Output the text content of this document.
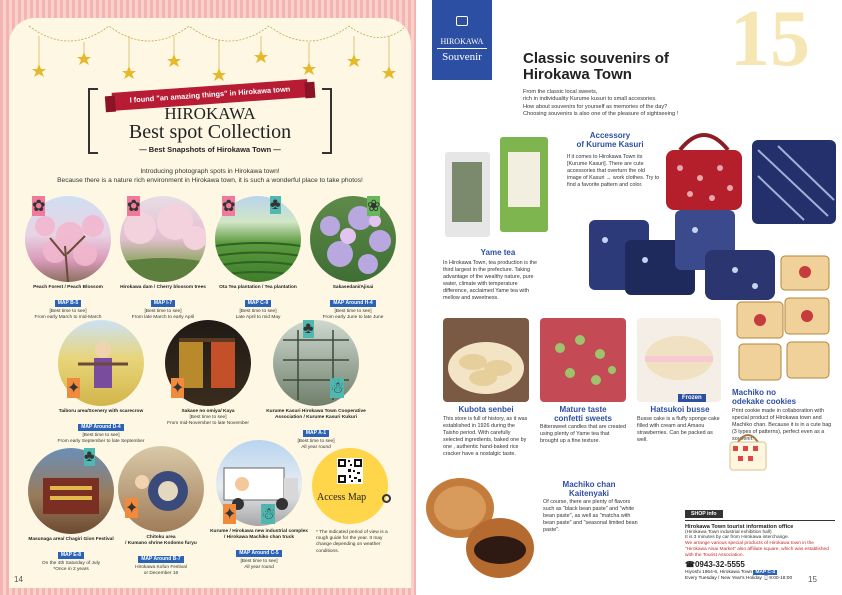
I found "an amazing things" in Hirokawa town
HIROKAWA
Best spot Collection
— Best Snapshots of Hirokawa Town —
Introducing photograph spots in Hirokawa town!
Because there is a nature rich environment in Hirokawa town, it is such a wonderful place to take photos!
Peach Forest / Peach Blossom
MAP B-5
[Best time to see]
From early March to mid-March
✿
Hirokawa dam / Cherry blossom trees
MAP I-7
[Best time to see]
From late March to early April
✿
Ota Tea plantation / Tea plantation
MAP C-9
[Best time to see]
Late April to mid May
✿ ♣
Sakasedani/Ajisai
MAP Around H-4
[Best time to see]
From early June to late June
❀
Taiboru area/Scenery with scarecrow
MAP Around D-4
[Best time to see]
From early September to late September
✦
Sakase no omiya/ Kaya
[Best time to see]
From mid-November to late November
✦
Kurume Kasuri Hirokawa Town Cooperative Association / Kurume Kasuri Kukuri
MAP A-1
[Best time to see]
All year round
♣
☃
Masunaga area/ Chagiri Gion Festival
MAP E-8
On the 4th Saturday of July
*Once in 2 years
♣
Chitoku area
/ Kumano shrine Kodomo furyu
MAP Around B-7
Hirokawa Kofun Festival
or December 16
✦
Kurume / Hirokawa new industrial complex
/ Hirokawa Machiko chan truck
MAP Around C-5
[Best time to see]
All year round
✦ ☃
Access Map
* The indicated period of view is a rough guide for the year. It may change depending on weather conditions.
14
15
HIROKAWA
Souvenir	Classic souvenirs of
Hirokawa Town
From the classic local sweets,
rich in individuality Kurume kusuri to small accesories.
How about souvenirs for yourself as memories of the day?
Choosing souvenirs is also one of the pleasure of sightseeing !
Accessory
of Kurume Kasuri
If it comes to Hirokawa Town its [Kurume Kasuri]. There are cute accessories that overturn the old image of Kasuri → work clothes. Try to find a favorite pattern and color.
Yame tea
In Hirokawa Town, tea production is the third largest in the prefecture. Taking advantage of the wealthy nature, pure water, climate with temperature difference, acclaimed Yame tea with mellow and sweetness.
Kubota senbei
This store is full of history, as it was established in 1926 during the Taisho period. With carefully selected ingredients, baked one by one , authentic hand-baked rice cracker have a nostalgic taste.
Mature taste
confetti sweets
Bittersweet candles that are created using plenty of Yame tea that brought up a fine texture.
Frozen
Hatsukoi busse
Busse cake is a fluffy sponge cake filled with cream and Amaou strawberries. Can be packed as well.
Machiko no
odekake cookies
Print cookie made in collaboration with special product of Hirokawa town and Machiko chan. Because it is in a cute bag (3 types of patterns), perfect even as a souvenir.
Machiko chan
Kaitenyaki
Of course, there are plenty of flavors such as "black bean paste" and "white bean paste", as well as "matcha with bean paste" and "seasonal limited bean paste".
SHOP info
Hirokawa Town tourist information office
(Hirokawa Town industrial exhibition hall)
It is 3 minutes by car from Hirokawa interchange.
We arrange various special products of Hirokawa town in the "Hirokawa Aisai Market" also affiliate square, which was established with the Tourist Association.
☎0943-32-5555
Hiyoshi 1964-6, Hirokawa Town MAP C-4
Every Tuesday / New Year's Holiday ⌚9:00-18:00	15
